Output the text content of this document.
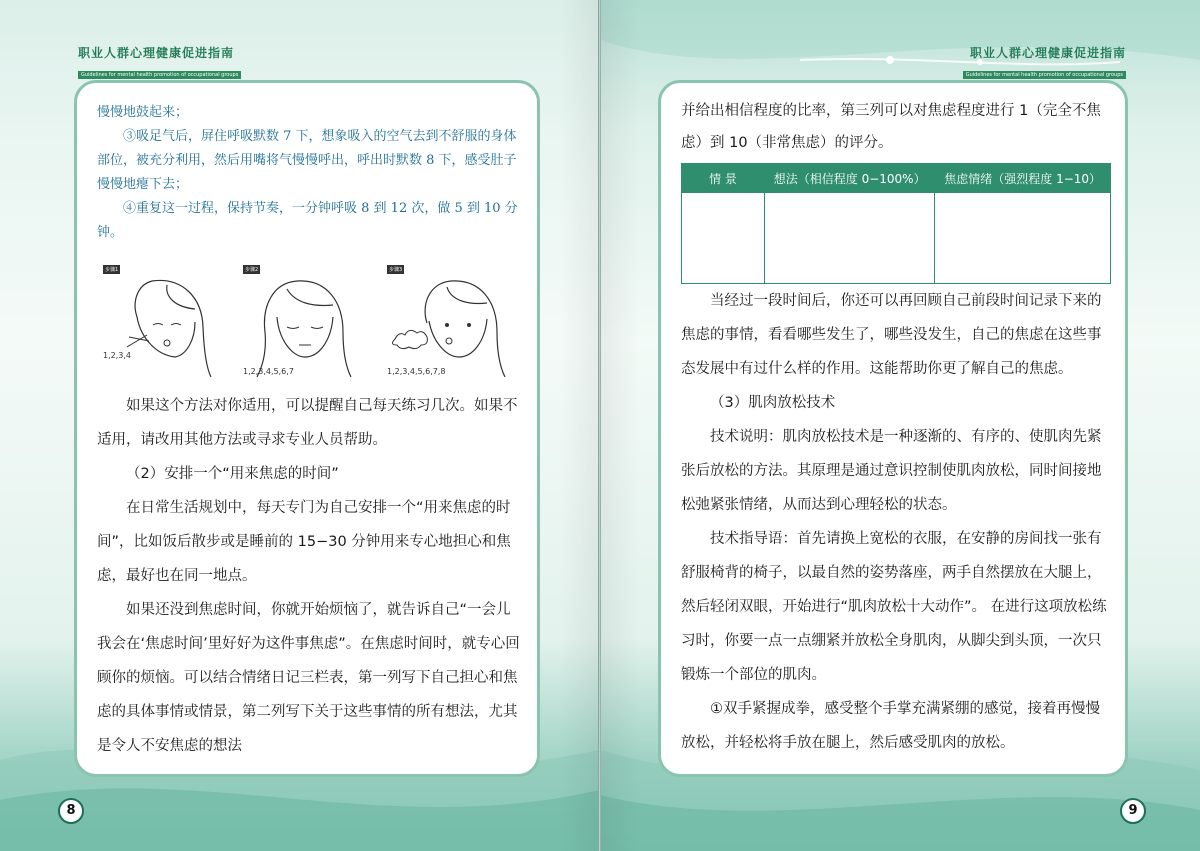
职业人群心理健康促进指南
Guidelines for mental health promotion of occupational groups

慢慢地鼓起来；

③吸足气后，屏住呼吸默数 7 下，想象吸入的空气去到不舒服的身体部位，被充分利用，然后用嘴将气慢慢呼出，呼出时默数 8 下，感受肚子慢慢地瘪下去；

④重复这一过程，保持节奏，一分钟呼吸 8 到 12 次，做 5 到 10 分钟。

步骤1
1,2,3,4
步骤2
1,2,3,4,5,6,7
步骤3
1,2,3,4,5,6,7,8

如果这个方法对你适用，可以提醒自己每天练习几次。如果不适用，请改用其他方法或寻求专业人员帮助。

（2）安排一个“用来焦虑的时间”

在日常生活规划中，每天专门为自己安排一个“用来焦虑的时间”，比如饭后散步或是睡前的 15−30 分钟用来专心地担心和焦虑，最好也在同一地点。

如果还没到焦虑时间，你就开始烦恼了，就告诉自己“一会儿我会在‘焦虑时间’里好好为这件事焦虑”。在焦虑时间时，就专心回顾你的烦恼。可以结合情绪日记三栏表，第一列写下自己担心和焦虑的具体事情或情景，第二列写下关于这些事情的所有想法，尤其是令人不安焦虑的想法

8
职业人群心理健康促进指南
Guidelines for mental health promotion of occupational groups

并给出相信程度的比率，第三列可以对焦虑程度进行 1（完全不焦虑）到 10（非常焦虑）的评分。

情 景	想法（相信程度 0−100%）	焦虑情绪（强烈程度 1−10）

当经过一段时间后，你还可以再回顾自己前段时间记录下来的焦虑的事情，看看哪些发生了，哪些没发生，自己的焦虑在这些事态发展中有过什么样的作用。这能帮助你更了解自己的焦虑。

（3）肌肉放松技术

技术说明：肌肉放松技术是一种逐渐的、有序的、使肌肉先紧张后放松的方法。其原理是通过意识控制使肌肉放松，同时间接地松弛紧张情绪，从而达到心理轻松的状态。

技术指导语：首先请换上宽松的衣服，在安静的房间找一张有舒服椅背的椅子，以最自然的姿势落座，两手自然摆放在大腿上，然后轻闭双眼，开始进行“肌肉放松十大动作”。 在进行这项放松练习时，你要一点一点绷紧并放松全身肌肉，从脚尖到头顶，一次只锻炼一个部位的肌肉。

①双手紧握成拳，感受整个手掌充满紧绷的感觉，接着再慢慢放松，并轻松将手放在腿上，然后感受肌肉的放松。

9
